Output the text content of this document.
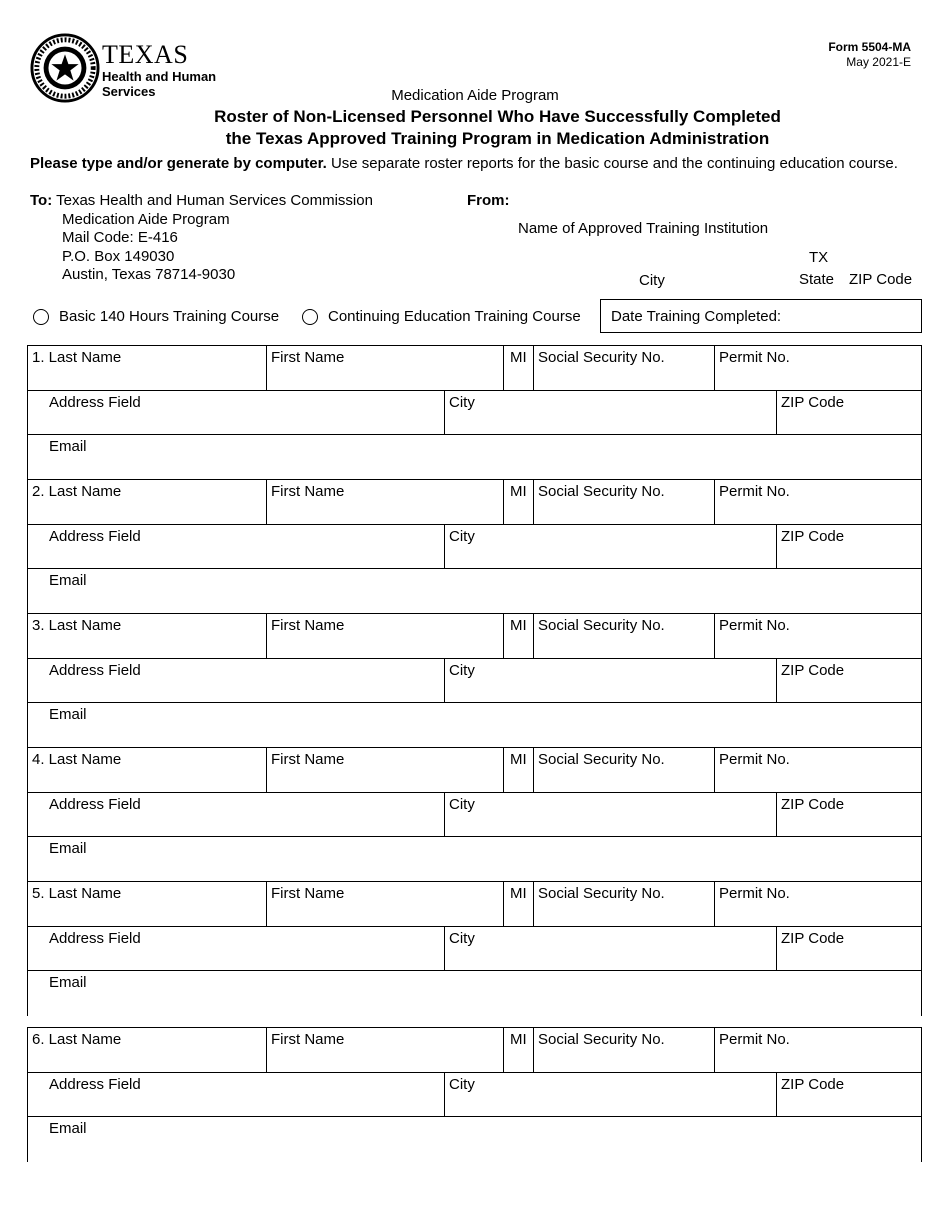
TEXAS
Health and Human
Services
Form 5504-MA
May 2021-E
Medication Aide Program
Roster of Non-Licensed Personnel Who Have Successfully Completed
the Texas Approved Training Program in Medication Administration
Please type and/or generate by computer. Use separate roster reports for the basic course and the continuing education course.
To: Texas Health and Human Services Commission
Medication Aide Program
Mail Code: E-416
P.O. Box 149030
Austin, Texas 78714-9030
From:
Name of Approved Training Institution
TX
City	State ZIP Code
Basic 140 Hours Training Course	Continuing Education Training Course	Date Training Completed:
1. Last Name	First Name	MI Social Security No.	Permit No.
Address Field	City	ZIP Code
Email
2. Last Name	First Name	MI Social Security No.	Permit No.
Address Field	City	ZIP Code
Email
3. Last Name	First Name	MI Social Security No.	Permit No.
Address Field	City	ZIP Code
Email
4. Last Name	First Name	MI Social Security No.	Permit No.
Address Field	City	ZIP Code
Email
5. Last Name	First Name	MI Social Security No.	Permit No.
Address Field	City	ZIP Code
Email
6. Last Name	First Name	MI Social Security No.	Permit No.
Address Field	City	ZIP Code
Email
